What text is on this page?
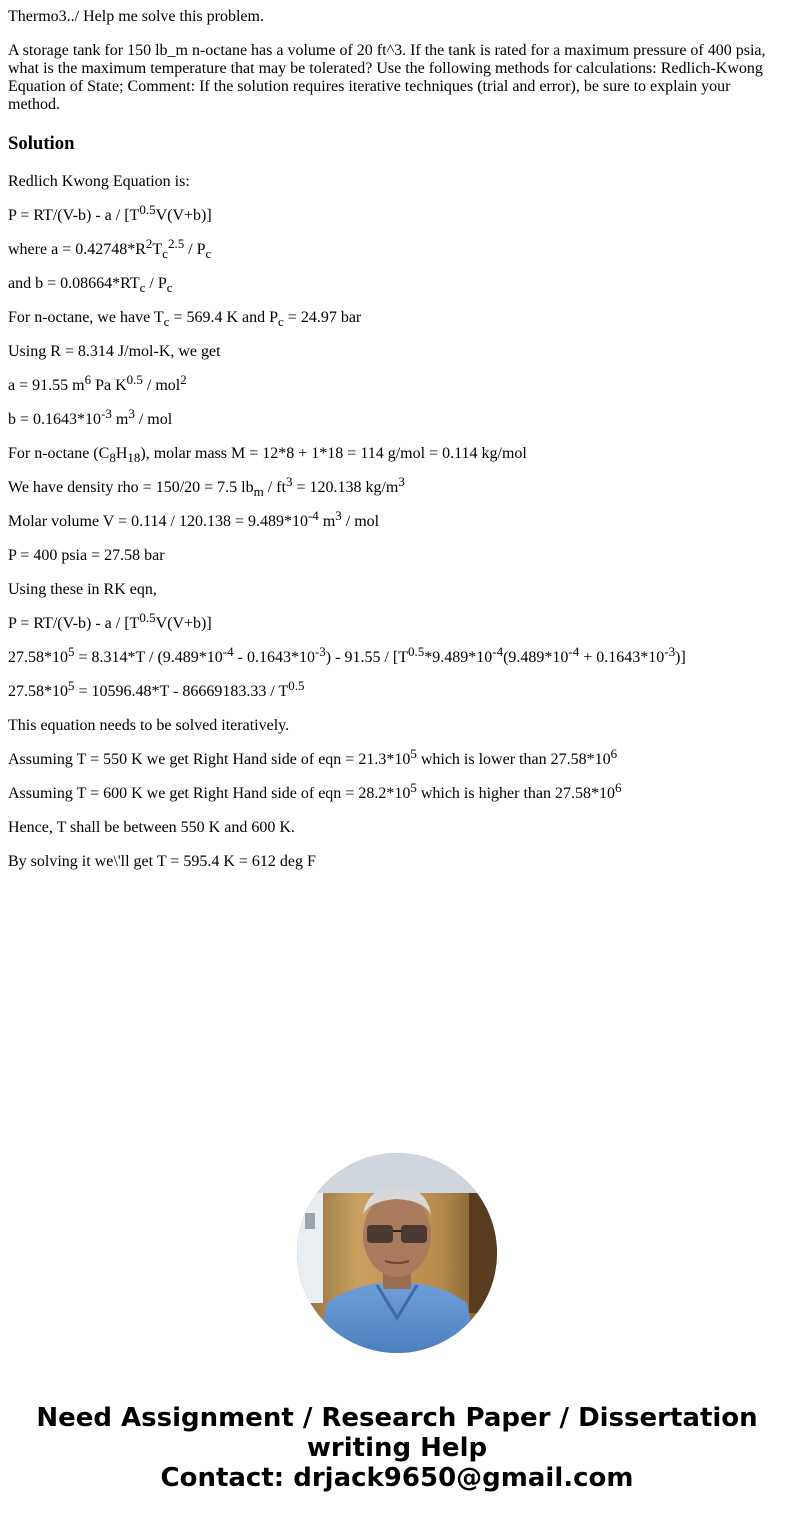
Thermo3../ Help me solve this problem.
A storage tank for 150 lb_m n-octane has a volume of 20 ft^3. If the tank is rated for a maximum pressure of 400 psia, what is the maximum temperature that may be tolerated? Use the following methods for calculations: Redlich-Kwong Equation of State; Comment: If the solution requires iterative techniques (trial and error), be sure to explain your method.
Solution
Redlich Kwong Equation is:
$P = RT/(V-b) - a / [T^{0.5}V(V+b)]$
where $a = 0.42748*R^2T_c^{2.5} / P_c$
and $b = 0.08664*RT_c / P_c$
For n-octane, we have $T_c = 569.4$ K and $P_c = 24.97$ bar
Using R = 8.314 J/mol-K, we get
a = 91.55 $m^6$ Pa $K^{0.5} / mol^2$
$b = 0.1643*10^{-3}$ $m^3$ / mol
For n-octane $(C_8H_{18})$, molar mass M = 12*8 + 1*18 = 114 g/mol = 0.114 kg/mol
We have density rho = 150/20 = 7.5 $lb_m / ft^3 = 120.138$ $kg/m^3$
Molar volume $V = 0.114 / 120.138 = 9.489*10^{-4}$ $m^3$ / mol
P = 400 psia = 27.58 bar
Using these in RK eqn,
$P = RT/(V-b) - a / [T^{0.5}V(V+b)]$
$27.58*10^5 = 8.314*T / (9.489*10^{-4} - 0.1643*10^{-3}) - 91.55 / [T^{0.5}*9.489*10^{-4}(9.489*10^{-4} + 0.1643*10^{-3})]$
$27.58*10^5 = 10596.48*T - 86669183.33 / T^{0.5}$
This equation needs to be solved iteratively.
Assuming T = 550 K we get Right Hand side of eqn = $21.3*10^5$ which is lower than $27.58*10^6$
Assuming T = 600 K we get Right Hand side of eqn = $28.2*10^5$ which is higher than $27.58*10^6$
Hence, T shall be between 550 K and 600 K.
By solving it we\'ll get T = 595.4 K = 612 deg F
Need Assignment / Research Paper / Dissertation
writing Help
Contact: drjack9650@gmail.com
